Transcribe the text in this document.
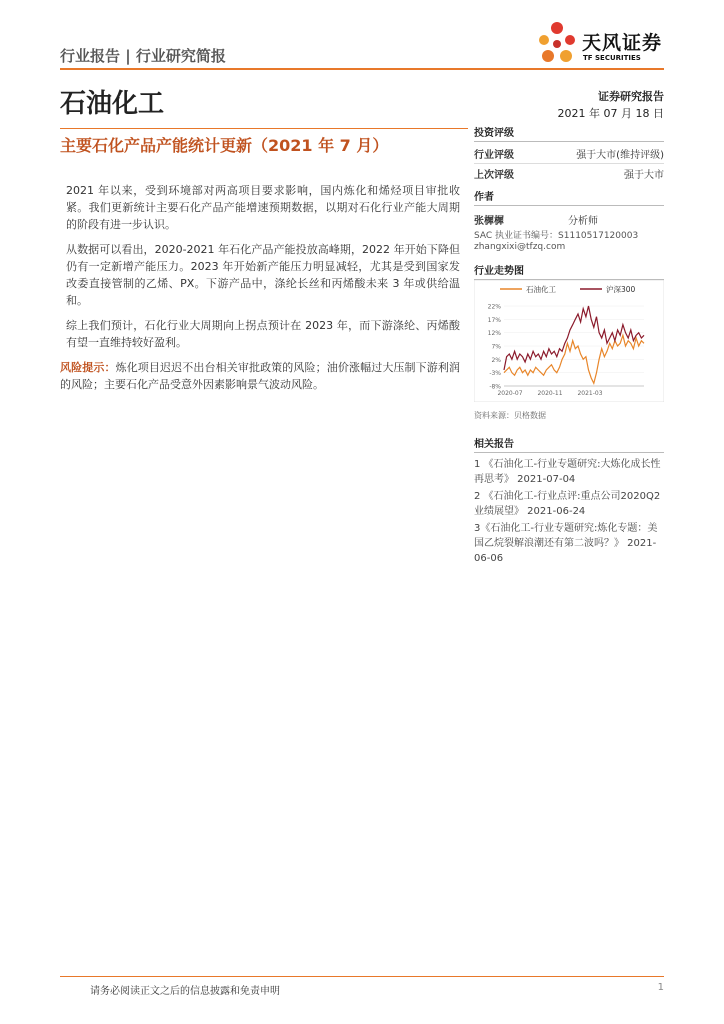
行业报告 | 行业研究简报
天风证券
TF SECURITIES
石油化工	证券研究报告
2021 年 07 月 18 日
主要石化产品产能统计更新（2021 年 7 月）
投资评级
行业评级	强于大市(维持评级)
上次评级	强于大市
作者
张樨樨	分析师
SAC 执业证书编号：S1110517120003
zhangxixi@tfzq.com
行业走势图
石油化工	沪深300
22%
17%
12%
7%
2%
-3%
-8%
2020-07 2020-11 2021-03
资料来源：贝格数据
相关报告
1 《石油化工-行业专题研究:大炼化成长性再思考》 2021-07-04
2 《石油化工-行业点评:重点公司2020Q2 业绩展望》 2021-06-24
3《石油化工-行业专题研究:炼化专题：美国乙烷裂解浪潮还有第二波吗？》 2021-06-06

2021 年以来，受到环境部对两高项目要求影响，国内炼化和烯烃项目审批收紧。我们更新统计主要石化产品产能增速预期数据，以期对石化行业产能大周期的阶段有进一步认识。

从数据可以看出，2020-2021 年石化产品产能投放高峰期，2022 年开始下降但仍有一定新增产能压力。2023 年开始新产能压力明显减轻，尤其是受到国家发改委直接管制的乙烯、PX。下游产品中，涤纶长丝和丙烯酸未来 3 年或供给温和。

综上我们预计，石化行业大周期向上拐点预计在 2023 年，而下游涤纶、丙烯酸有望一直维持较好盈利。

风险提示：炼化项目迟迟不出台相关审批政策的风险；油价涨幅过大压制下游利润的风险；主要石化产品受意外因素影响景气波动风险。

请务必阅读正文之后的信息披露和免责申明	1
